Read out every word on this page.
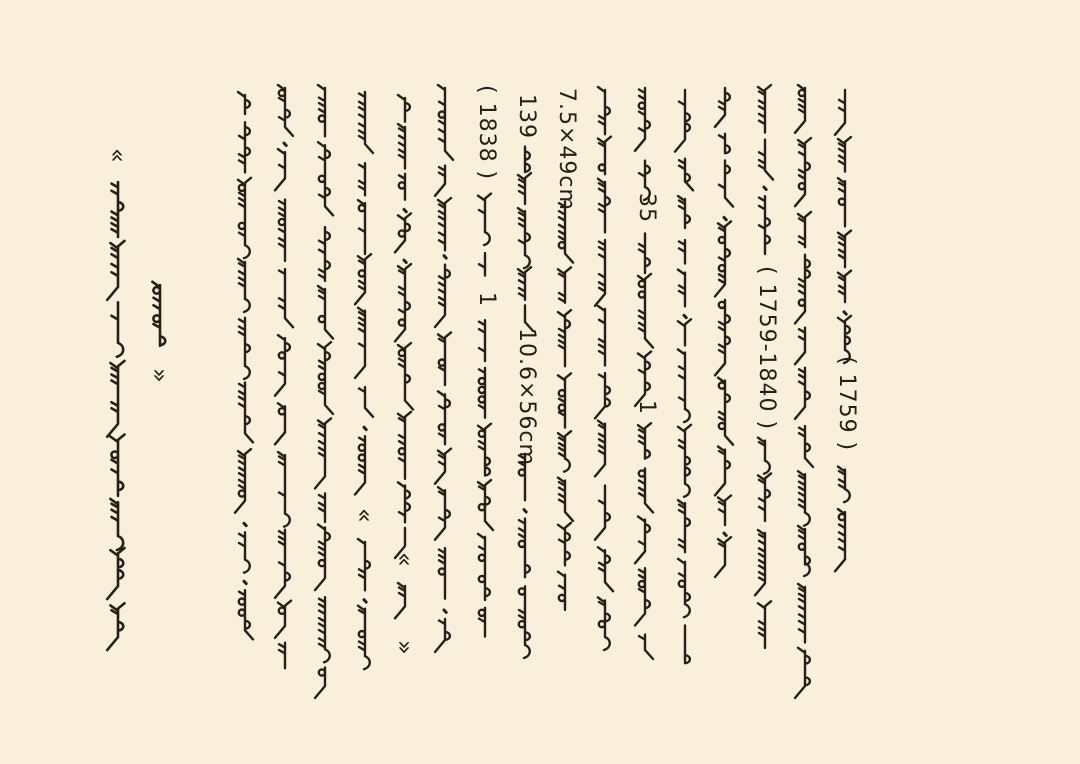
«
»
«
«
»
( 1838 )
1
139
10.6×56cm
7.5×49cm	35
1	( 1759-1840 )	( 1759 )
